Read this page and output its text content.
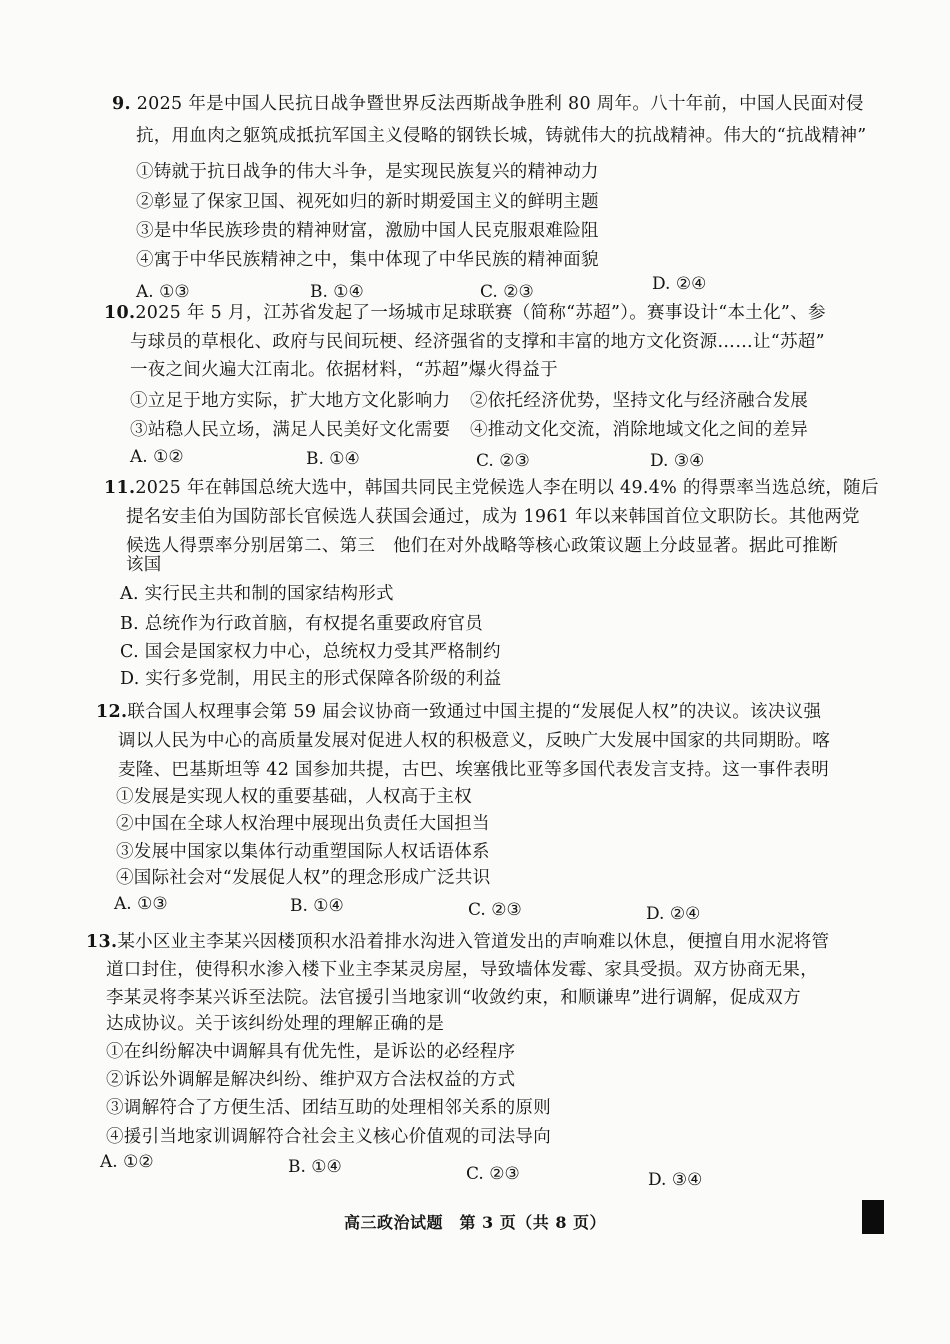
9. 2025 年是中国人民抗日战争暨世界反法西斯战争胜利 80 周年。八十年前，中国人民面对侵
抗，用血肉之躯筑成抵抗军国主义侵略的钢铁长城，铸就伟大的抗战精神。伟大的“抗战精神”
①铸就于抗日战争的伟大斗争，是实现民族复兴的精神动力
②彰显了保家卫国、视死如归的新时期爱国主义的鲜明主题
③是中华民族珍贵的精神财富，激励中国人民克服艰难险阻
④寓于中华民族精神之中，集中体现了中华民族的精神面貌
A. ①③	B. ①④	C. ②③	D. ②④
10.2025 年 5 月，江苏省发起了一场城市足球联赛（简称“苏超”）。赛事设计“本土化”、参
与球员的草根化、政府与民间玩梗、经济强省的支撑和丰富的地方文化资源……让“苏超”
一夜之间火遍大江南北。依据材料，“苏超”爆火得益于
①立足于地方实际，扩大地方文化影响力 ②依托经济优势，坚持文化与经济融合发展
③站稳人民立场，满足人民美好文化需要 ④推动文化交流，消除地域文化之间的差异
A. ①②	B. ①④	C. ②③	D. ③④
11.2025 年在韩国总统大选中，韩国共同民主党候选人李在明以 49.4% 的得票率当选总统，随后
提名安圭伯为国防部长官候选人获国会通过，成为 1961 年以来韩国首位文职防长。其他两党
候选人得票率分别居第二、第三　他们在对外战略等核心政策议题上分歧显著。据此可推断
该国
A. 实行民主共和制的国家结构形式
B. 总统作为行政首脑，有权提名重要政府官员
C. 国会是国家权力中心，总统权力受其严格制约
D. 实行多党制，用民主的形式保障各阶级的利益
12.联合国人权理事会第 59 届会议协商一致通过中国主提的“发展促人权”的决议。该决议强
调以人民为中心的高质量发展对促进人权的积极意义，反映广大发展中国家的共同期盼。喀
麦隆、巴基斯坦等 42 国参加共提，古巴、埃塞俄比亚等多国代表发言支持。这一事件表明
①发展是实现人权的重要基础，人权高于主权
②中国在全球人权治理中展现出负责任大国担当
③发展中国家以集体行动重塑国际人权话语体系
④国际社会对“发展促人权”的理念形成广泛共识
A. ①③	B. ①④	C. ②③	D. ②④
13.某小区业主李某兴因楼顶积水沿着排水沟进入管道发出的声响难以休息，便擅自用水泥将管
道口封住，使得积水渗入楼下业主李某灵房屋，导致墙体发霉、家具受损。双方协商无果，
李某灵将李某兴诉至法院。法官援引当地家训“收敛约束，和顺谦卑”进行调解，促成双方
达成协议。关于该纠纷处理的理解正确的是
①在纠纷解决中调解具有优先性，是诉讼的必经程序
②诉讼外调解是解决纠纷、维护双方合法权益的方式
③调解符合了方便生活、团结互助的处理相邻关系的原则
④援引当地家训调解符合社会主义核心价值观的司法导向
A. ①②	B. ①④	C. ②③	D. ③④
高三政治试题　第 3 页（共 8 页）
